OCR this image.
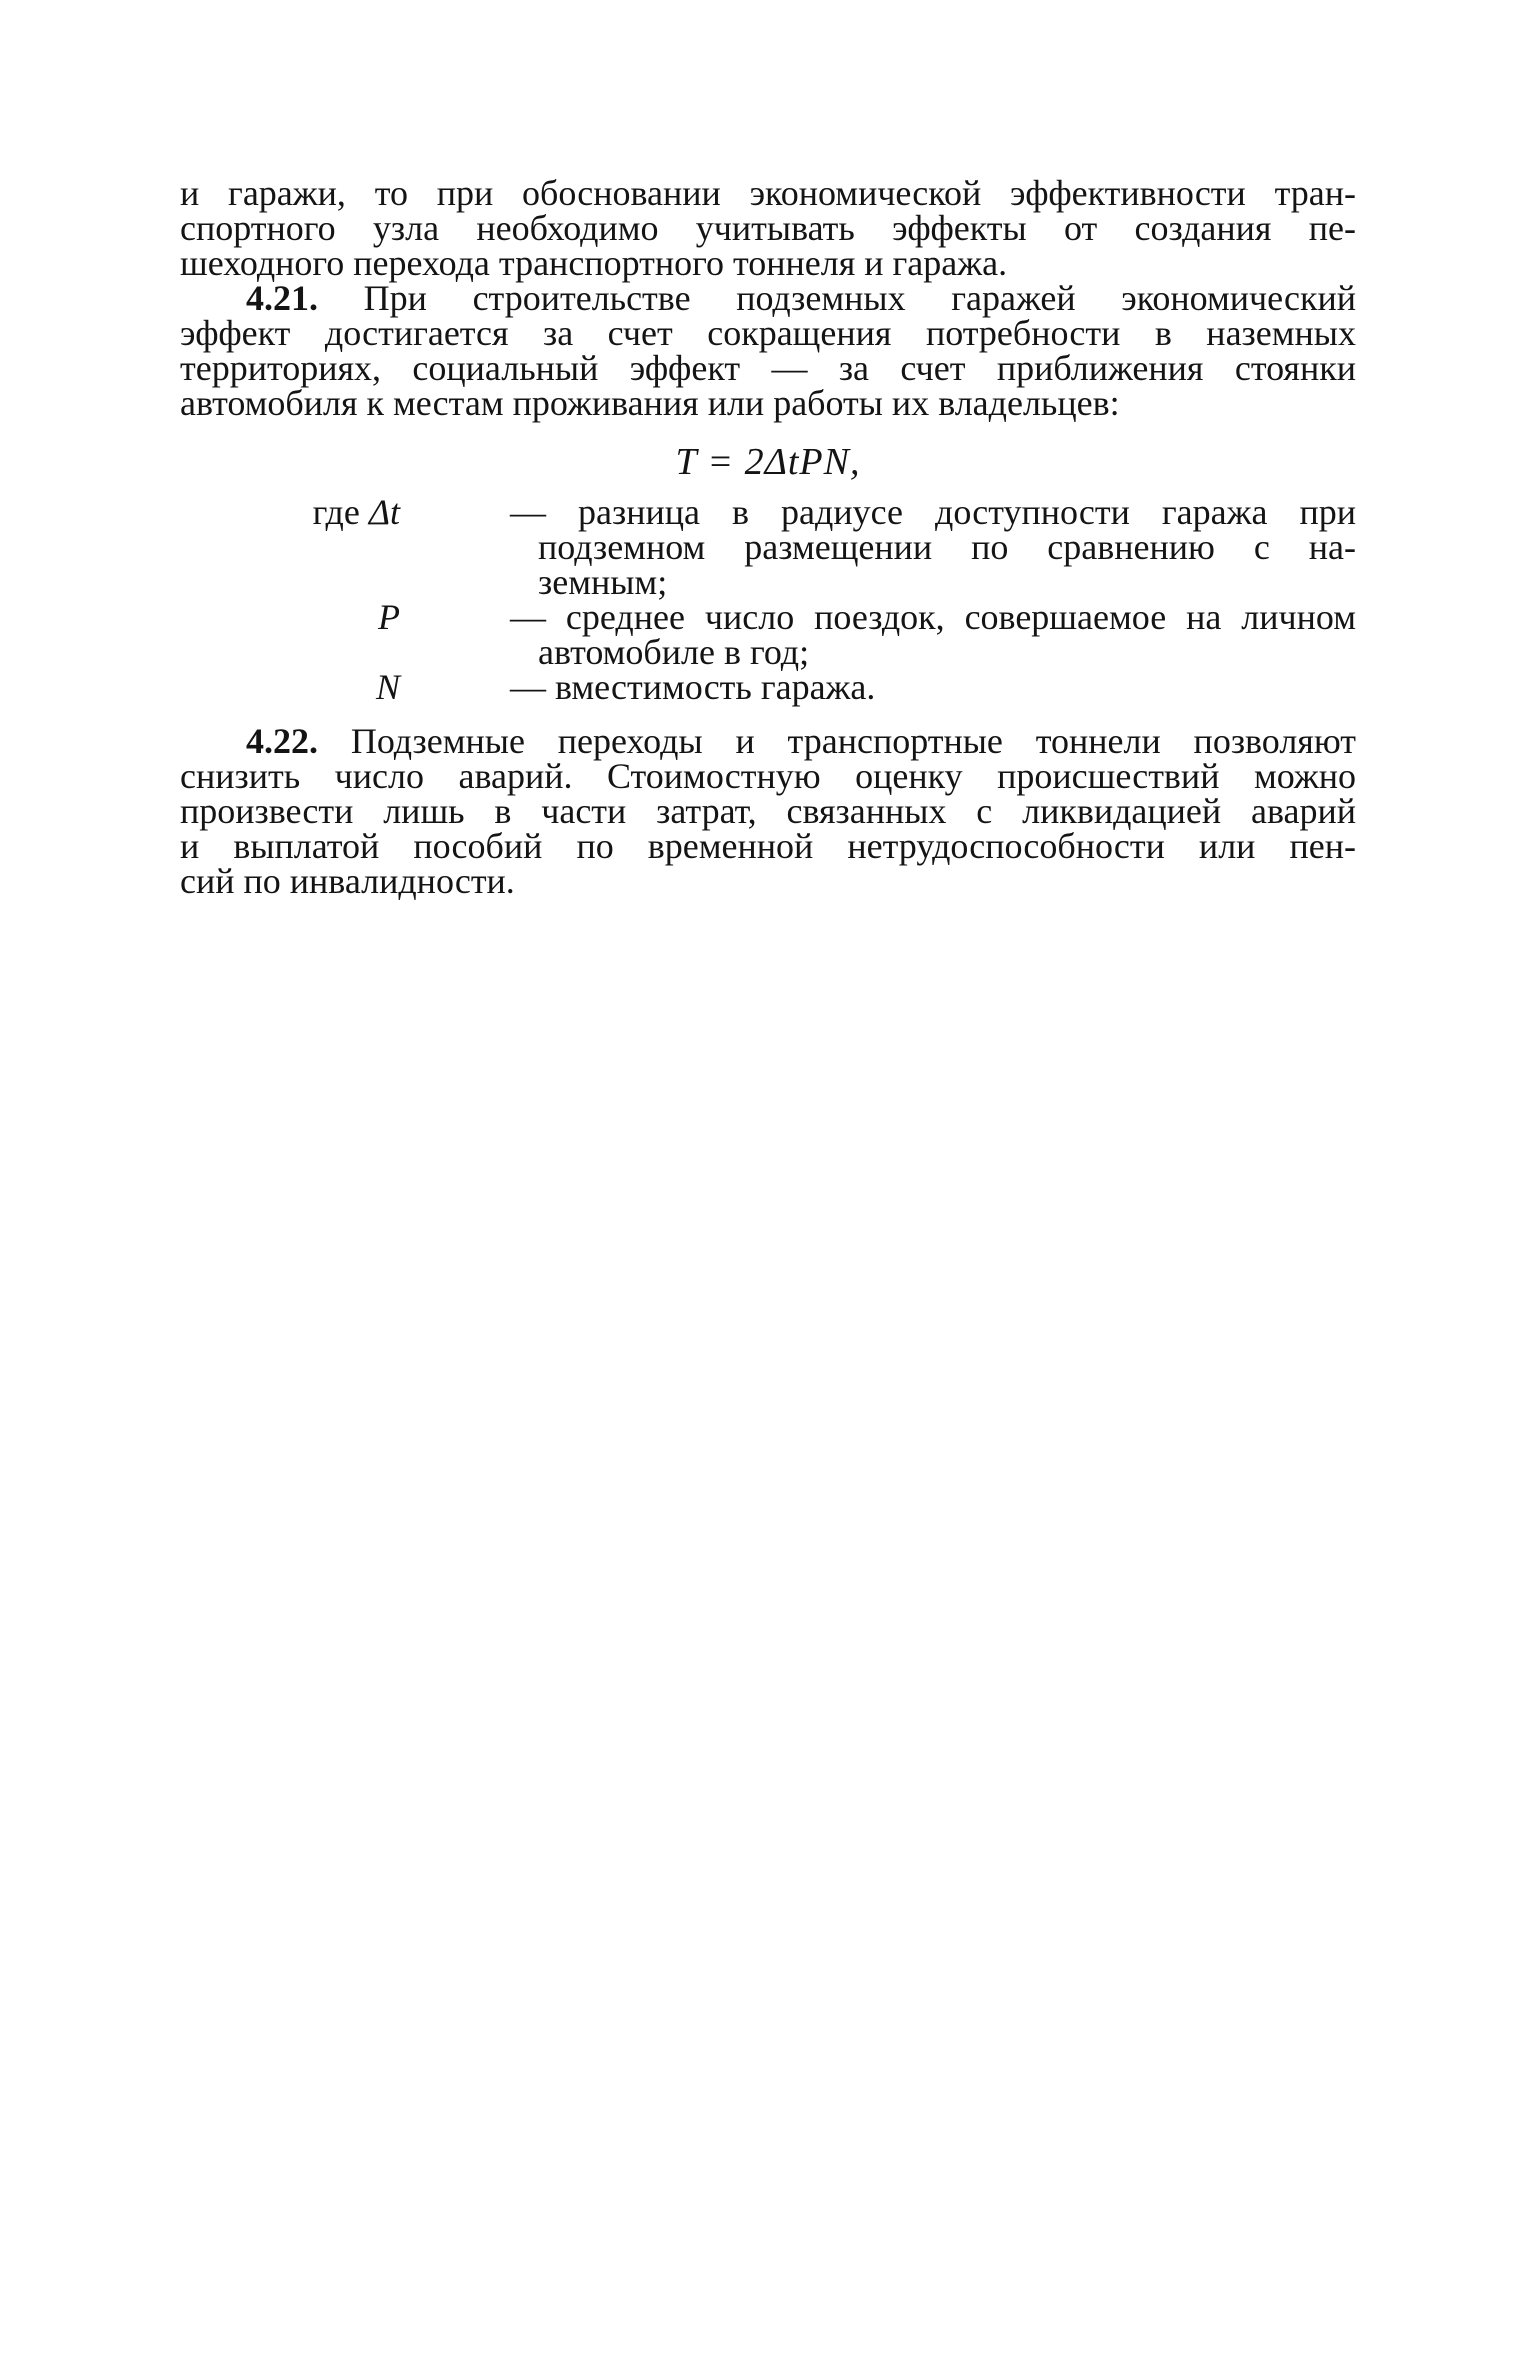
и гаражи, то при обосновании экономической эффективности тран-
спортного узла необходимо учитывать эффекты от создания пе-
шеходного перехода транспортного тоннеля и гаража.
4.21. При строительстве подземных гаражей экономический
эффект достигается за счет сокращения потребности в наземных
территориях, социальный эффект — за счет приближения стоянки
автомобиля к местам проживания или работы их владельцев:
T = 2ΔtPN,
где Δt	— разница в радиусе доступности гаража при
подземном размещении по сравнению с на-
земным;
P	— среднее число поездок, совершаемое на личном
автомобиле в год;
N	— вместимость гаража.
4.22. Подземные переходы и транспортные тоннели позволяют
снизить число аварий. Стоимостную оценку происшествий можно
произвести лишь в части затрат, связанных с ликвидацией аварий
и выплатой пособий по временной нетрудоспособности или пен-
сий по инвалидности.
